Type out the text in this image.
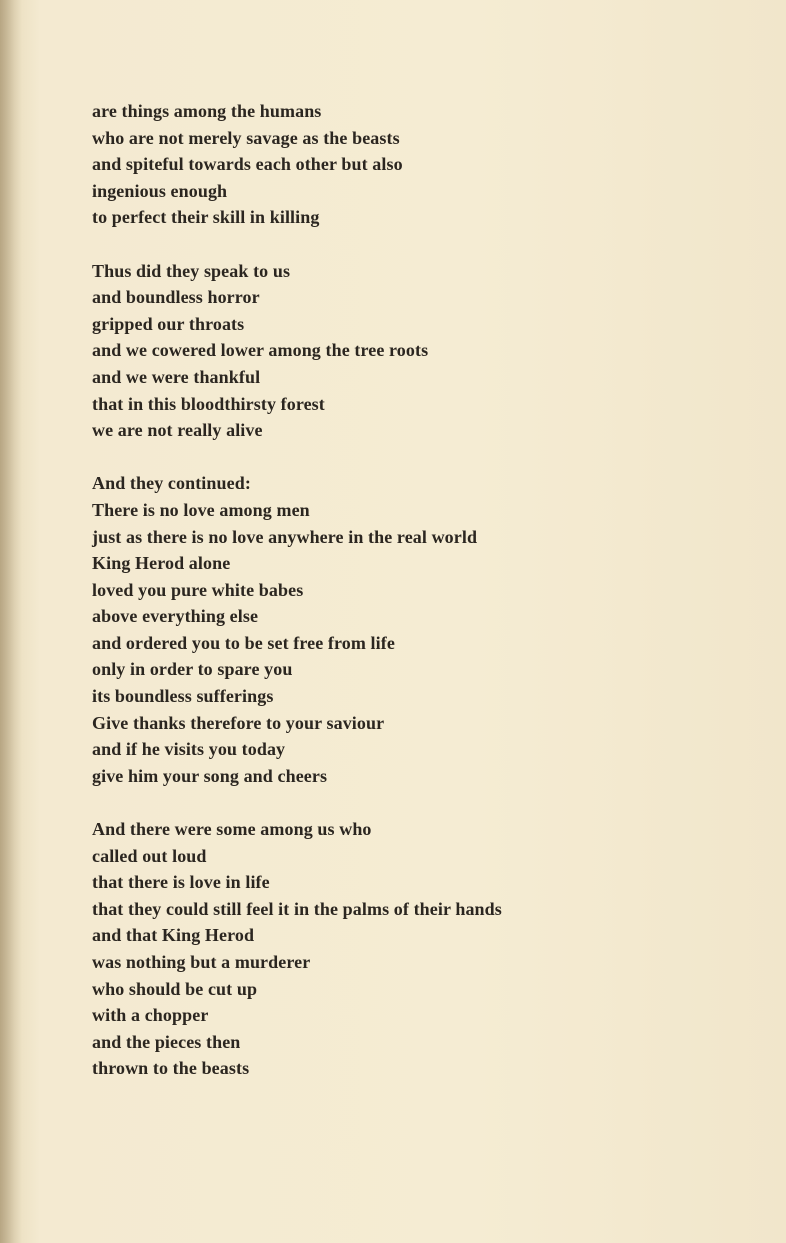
are things among the humans
who are not merely savage as the beasts
and spiteful towards each other but also
ingenious enough
to perfect their skill in killing
Thus did they speak to us
and boundless horror
gripped our throats
and we cowered lower among the tree roots
and we were thankful
that in this bloodthirsty forest
we are not really alive
And they continued:
There is no love among men
just as there is no love anywhere in the real world
King Herod alone
loved you pure white babes
above everything else
and ordered you to be set free from life
only in order to spare you
its boundless sufferings
Give thanks therefore to your saviour
and if he visits you today
give him your song and cheers
And there were some among us who
called out loud
that there is love in life
that they could still feel it in the palms of their hands
and that King Herod
was nothing but a murderer
who should be cut up
with a chopper
and the pieces then
thrown to the beasts
